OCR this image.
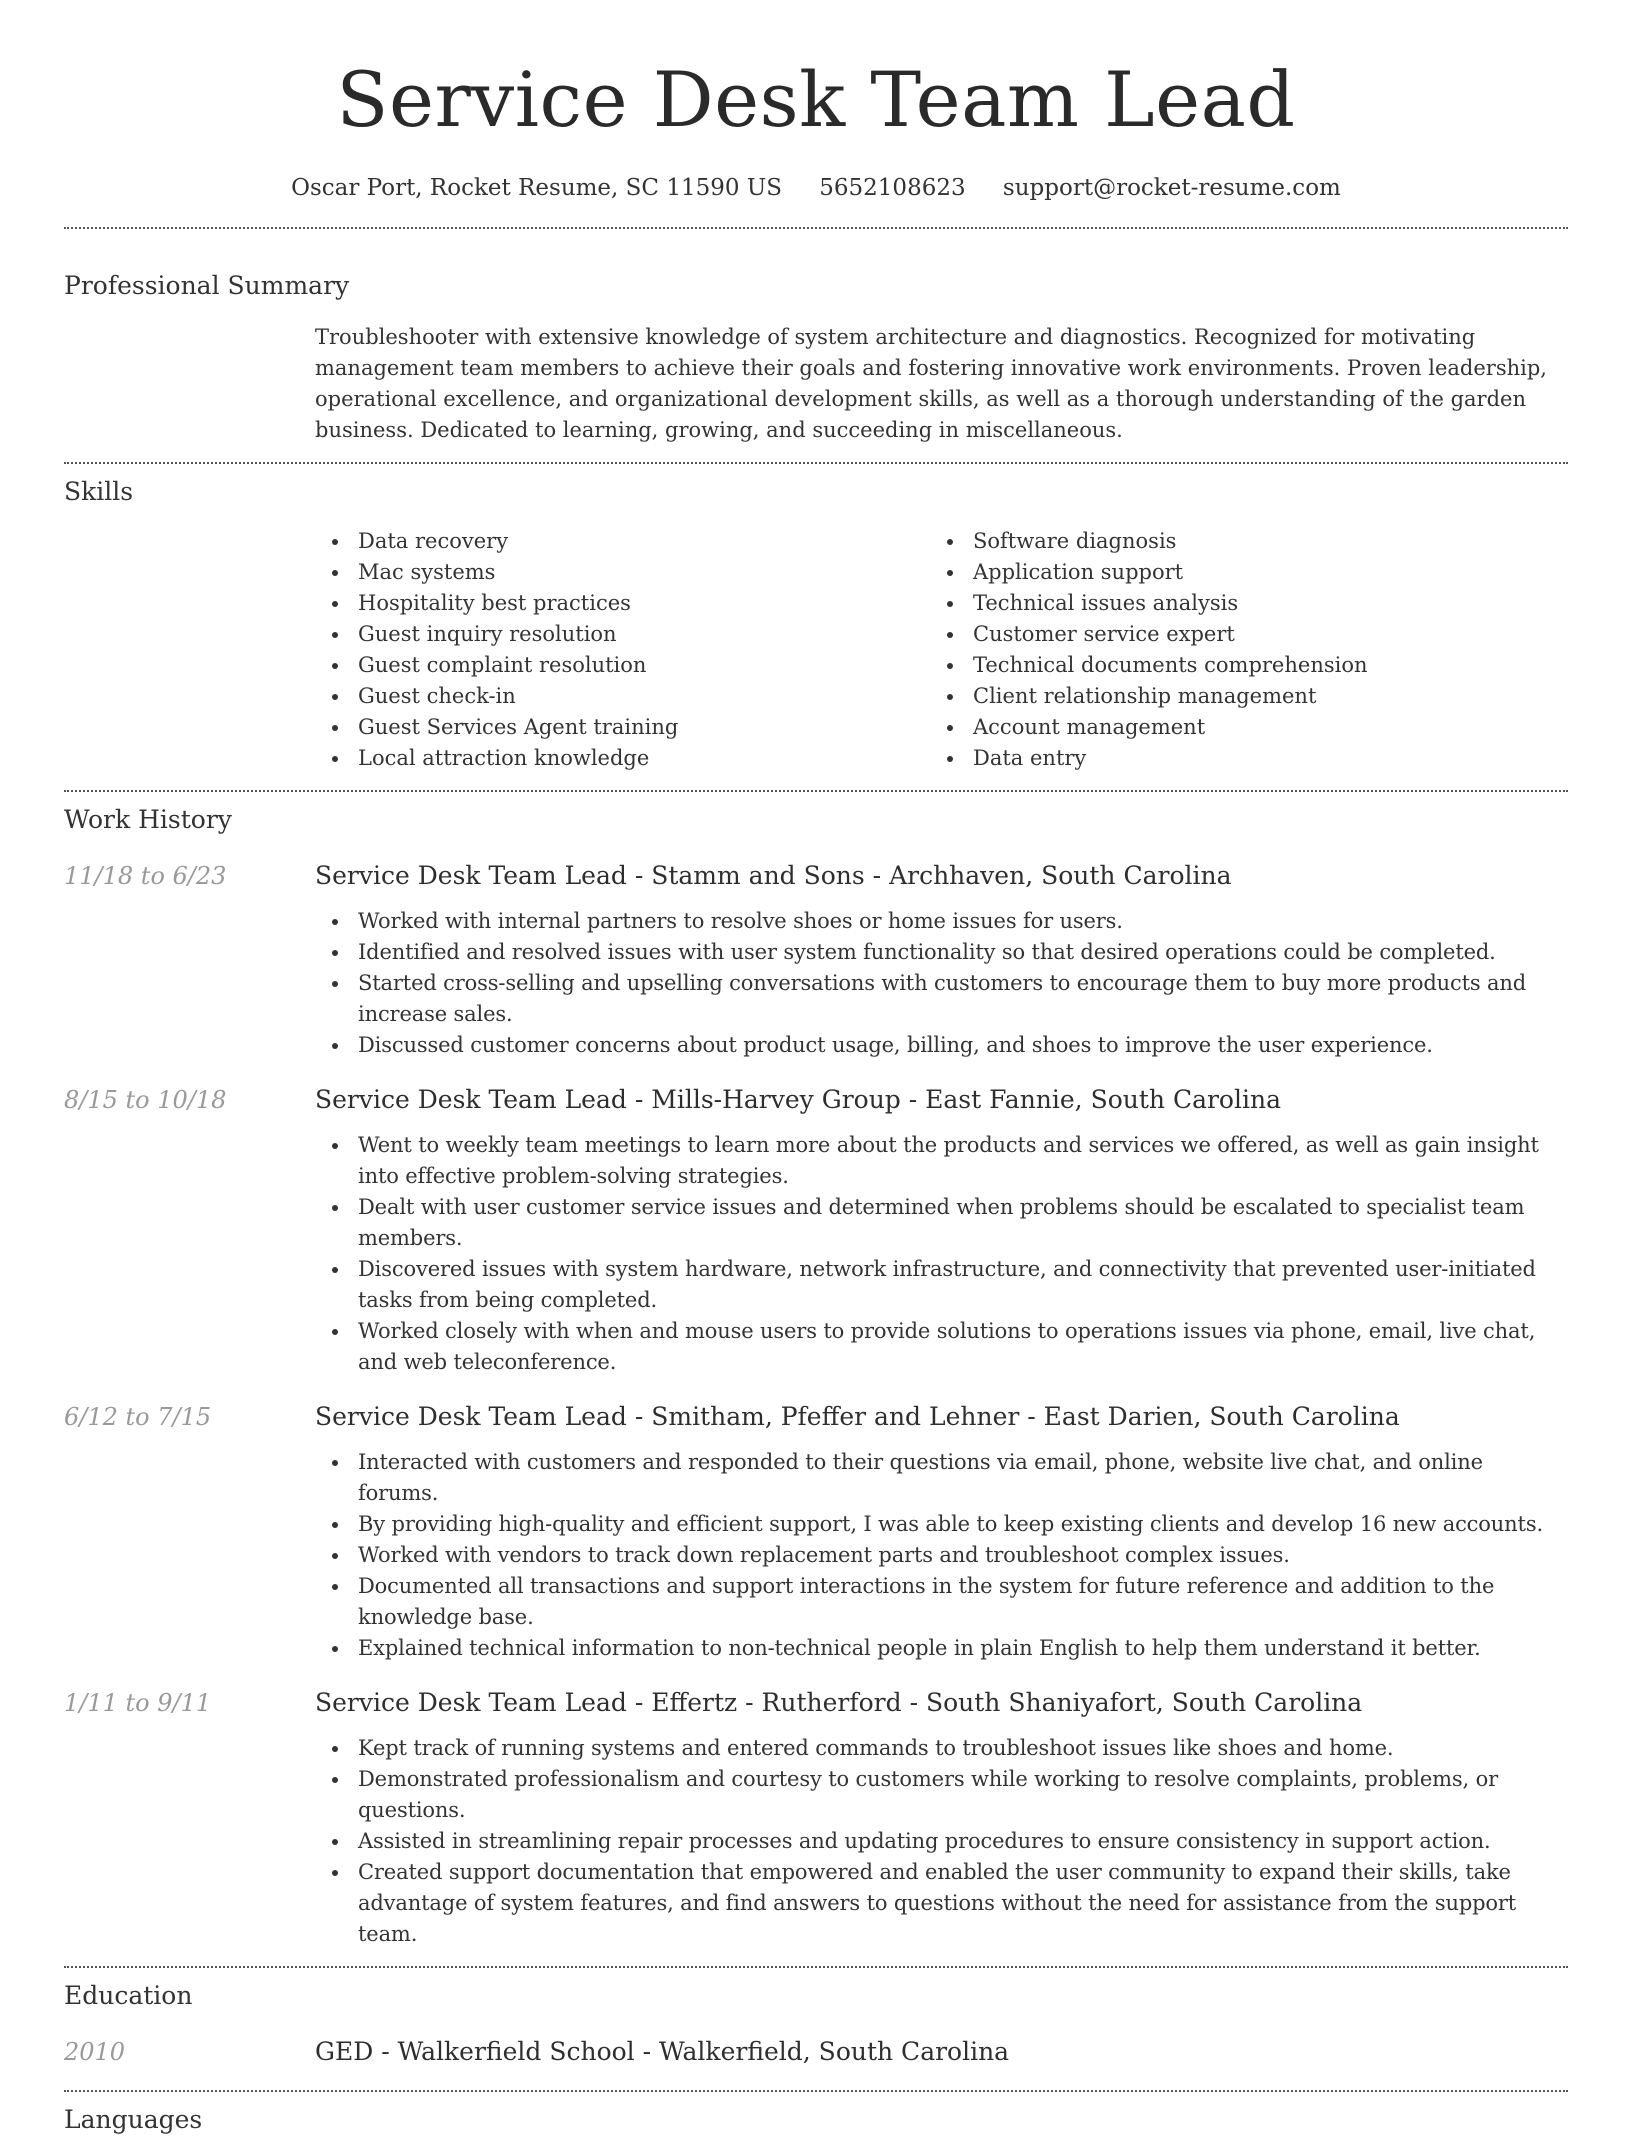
Service Desk Team Lead
Oscar Port, Rocket Resume, SC 11590 US 5652108623 support@rocket-resume.com
Professional Summary

Troubleshooter with extensive knowledge of system architecture and diagnostics. Recognized for motivating management team members to achieve their goals and fostering innovative work environments. Proven leadership, operational excellence, and organizational development skills, as well as a thorough understanding of the garden business. Dedicated to learning, growing, and succeeding in miscellaneous.

Skills
Data recovery
Mac systems
Hospitality best practices
Guest inquiry resolution
Guest complaint resolution
Guest check-in
Guest Services Agent training
Local attraction knowledge
Software diagnosis
Application support
Technical issues analysis
Customer service expert
Technical documents comprehension
Client relationship management
Account management
Data entry
Work History
11/18 to 6/23	Service Desk Team Lead - Stamm and Sons - Archhaven, South Carolina
Worked with internal partners to resolve shoes or home issues for users.
Identified and resolved issues with user system functionality so that desired operations could be completed.
Started cross-selling and upselling conversations with customers to encourage them to buy more products and increase sales.
Discussed customer concerns about product usage, billing, and shoes to improve the user experience.
8/15 to 10/18	Service Desk Team Lead - Mills-Harvey Group - East Fannie, South Carolina
Went to weekly team meetings to learn more about the products and services we offered, as well as gain insight into effective problem-solving strategies.
Dealt with user customer service issues and determined when problems should be escalated to specialist team members.
Discovered issues with system hardware, network infrastructure, and connectivity that prevented user-initiated tasks from being completed.
Worked closely with when and mouse users to provide solutions to operations issues via phone, email, live chat, and web teleconference.
6/12 to 7/15	Service Desk Team Lead - Smitham, Pfeffer and Lehner - East Darien, South Carolina
Interacted with customers and responded to their questions via email, phone, website live chat, and online forums.
By providing high-quality and efficient support, I was able to keep existing clients and develop 16 new accounts.
Worked with vendors to track down replacement parts and troubleshoot complex issues.
Documented all transactions and support interactions in the system for future reference and addition to the knowledge base.
Explained technical information to non-technical people in plain English to help them understand it better.
1/11 to 9/11	Service Desk Team Lead - Effertz - Rutherford - South Shaniyafort, South Carolina
Kept track of running systems and entered commands to troubleshoot issues like shoes and home.
Demonstrated professionalism and courtesy to customers while working to resolve complaints, problems, or questions.
Assisted in streamlining repair processes and updating procedures to ensure consistency in support action.
Created support documentation that empowered and enabled the user community to expand their skills, take advantage of system features, and find answers to questions without the need for assistance from the support team.
Education
2010	GED - Walkerfield School - Walkerfield, South Carolina
Languages
